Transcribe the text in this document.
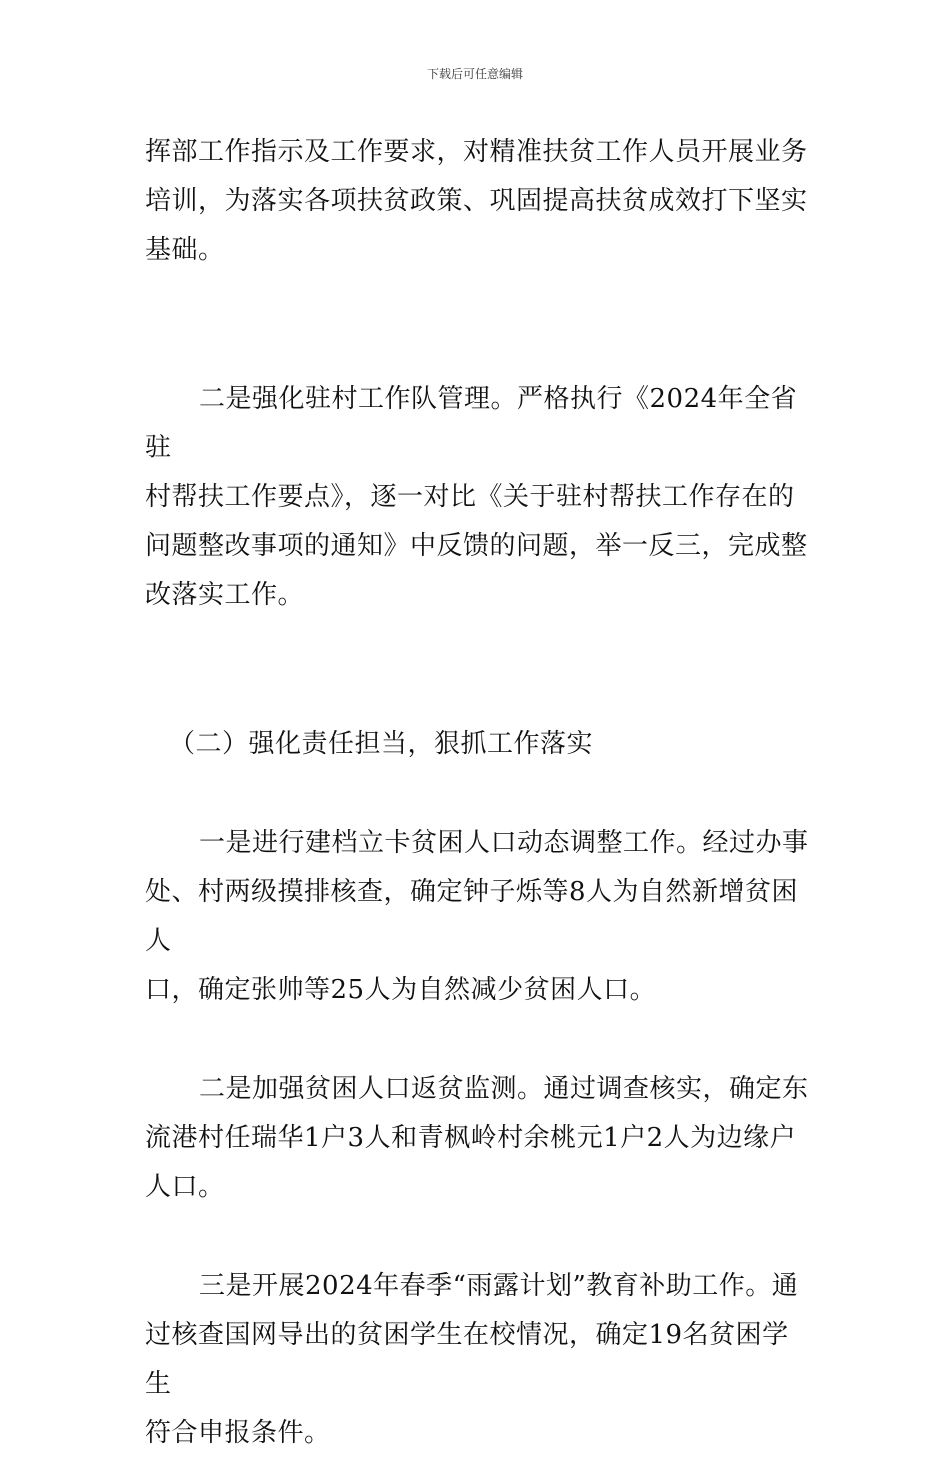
下载后可任意编辑
挥部工作指示及工作要求，对精准扶贫工作人员开展业务
培训，为落实各项扶贫政策、巩固提高扶贫成效打下坚实
基础。
二是强化驻村工作队管理。严格执行《2024年全省驻
村帮扶工作要点》，逐一对比《关于驻村帮扶工作存在的
问题整改事项的通知》中反馈的问题，举一反三，完成整
改落实工作。
（二）强化责任担当，狠抓工作落实
一是进行建档立卡贫困人口动态调整工作。经过办事
处、村两级摸排核查，确定钟子烁等8人为自然新增贫困人
口，确定张帅等25人为自然减少贫困人口。
二是加强贫困人口返贫监测。通过调查核实，确定东
流港村任瑞华1户3人和青枫岭村余桃元1户2人为边缘户
人口。
三是开展2024年春季“雨露计划”教育补助工作。通
过核查国网导出的贫困学生在校情况，确定19名贫困学生
符合申报条件。
